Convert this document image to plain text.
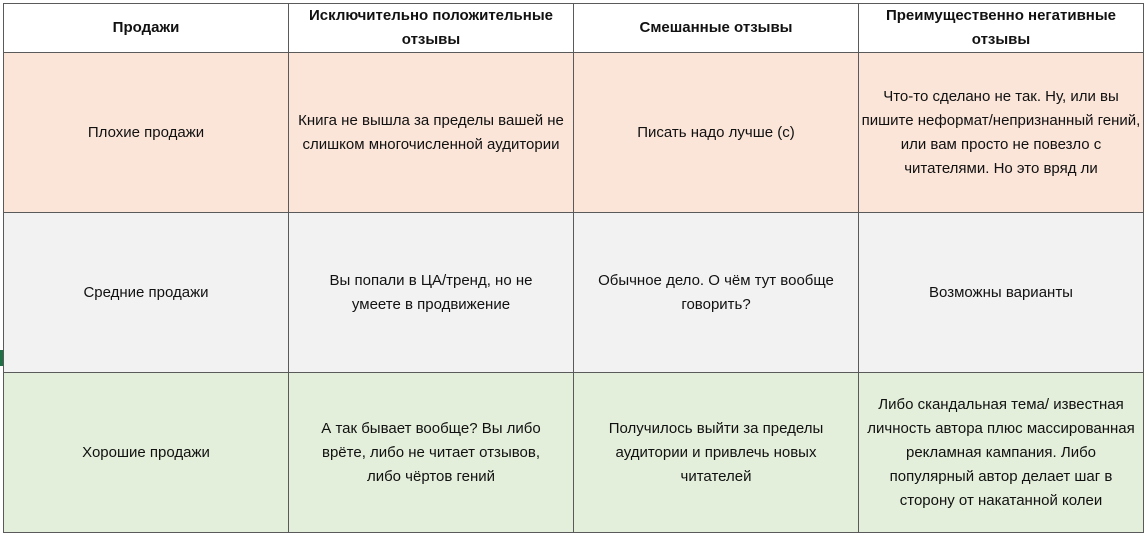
Продажи	Исключительно положительные отзывы	Смешанные отзывы	Преимущественно негативные отзывы

Плохие продажи	Книга не вышла за пределы вашей не слишком многочисленной аудитории	Писать надо лучше (с)	Что-то сделано не так. Ну, или вы пишите неформат/непризнанный гений, или вам просто не повезло с читателями. Но это вряд ли

Средние продажи	Вы попали в ЦА/тренд, но не умеете в продвижение	Обычное дело. О чём тут вообще говорить?	Возможны варианты

Хорошие продажи	А так бывает вообще? Вы либо врёте, либо не читает отзывов, либо чёртов гений	Получилось выйти за пределы аудитории и привлечь новых читателей	Либо скандальная тема/ известная личность автора плюс массированная рекламная кампания. Либо популярный автор делает шаг в сторону от накатанной колеи
